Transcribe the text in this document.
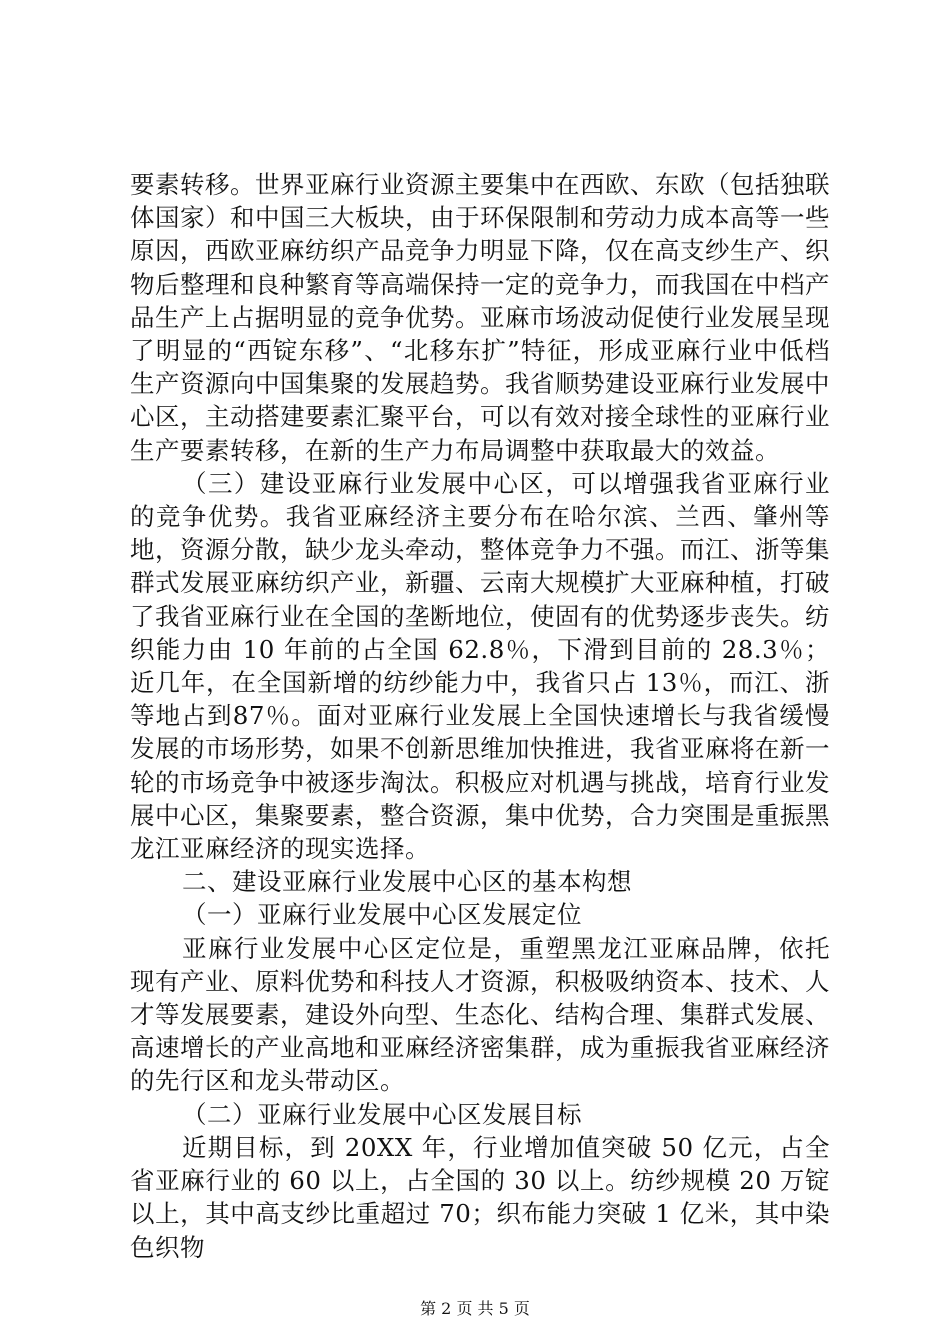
要素转移。世界亚麻行业资源主要集中在西欧、东欧（包括独联体国家）和中国三大板块，由于环保限制和劳动力成本高等一些原因，西欧亚麻纺织产品竞争力明显下降，仅在高支纱生产、织物后整理和良种繁育等高端保持一定的竞争力，而我国在中档产品生产上占据明显的竞争优势。亚麻市场波动促使行业发展呈现了明显的“西锭东移”、“北移东扩”特征，形成亚麻行业中低档生产资源向中国集聚的发展趋势。我省顺势建设亚麻行业发展中心区，主动搭建要素汇聚平台，可以有效对接全球性的亚麻行业生产要素转移，在新的生产力布局调整中获取最大的效益。

（三）建设亚麻行业发展中心区，可以增强我省亚麻行业的竞争优势。我省亚麻经济主要分布在哈尔滨、兰西、肇州等地，资源分散，缺少龙头牵动，整体竞争力不强。而江、浙等集群式发展亚麻纺织产业，新疆、云南大规模扩大亚麻种植，打破了我省亚麻行业在全国的垄断地位，使固有的优势逐步丧失。纺织能力由 10 年前的占全国 62.8％，下滑到目前的 28.3％；近几年，在全国新增的纺纱能力中，我省只占 13％，而江、浙等地占到87％。面对亚麻行业发展上全国快速增长与我省缓慢发展的市场形势，如果不创新思维加快推进，我省亚麻将在新一轮的市场竞争中被逐步淘汰。积极应对机遇与挑战，培育行业发展中心区，集聚要素，整合资源，集中优势，合力突围是重振黑龙江亚麻经济的现实选择。

二、建设亚麻行业发展中心区的基本构想

（一）亚麻行业发展中心区发展定位

亚麻行业发展中心区定位是，重塑黑龙江亚麻品牌，依托现有产业、原料优势和科技人才资源，积极吸纳资本、技术、人才等发展要素，建设外向型、生态化、结构合理、集群式发展、高速增长的产业高地和亚麻经济密集群，成为重振我省亚麻经济的先行区和龙头带动区。

（二）亚麻行业发展中心区发展目标

近期目标，到 20XX 年，行业增加值突破 50 亿元，占全省亚麻行业的 60 以上，占全国的 30 以上。纺纱规模 20 万锭以上，其中高支纱比重超过 70；织布能力突破 1 亿米，其中染色织物

第 2 页 共 5 页
